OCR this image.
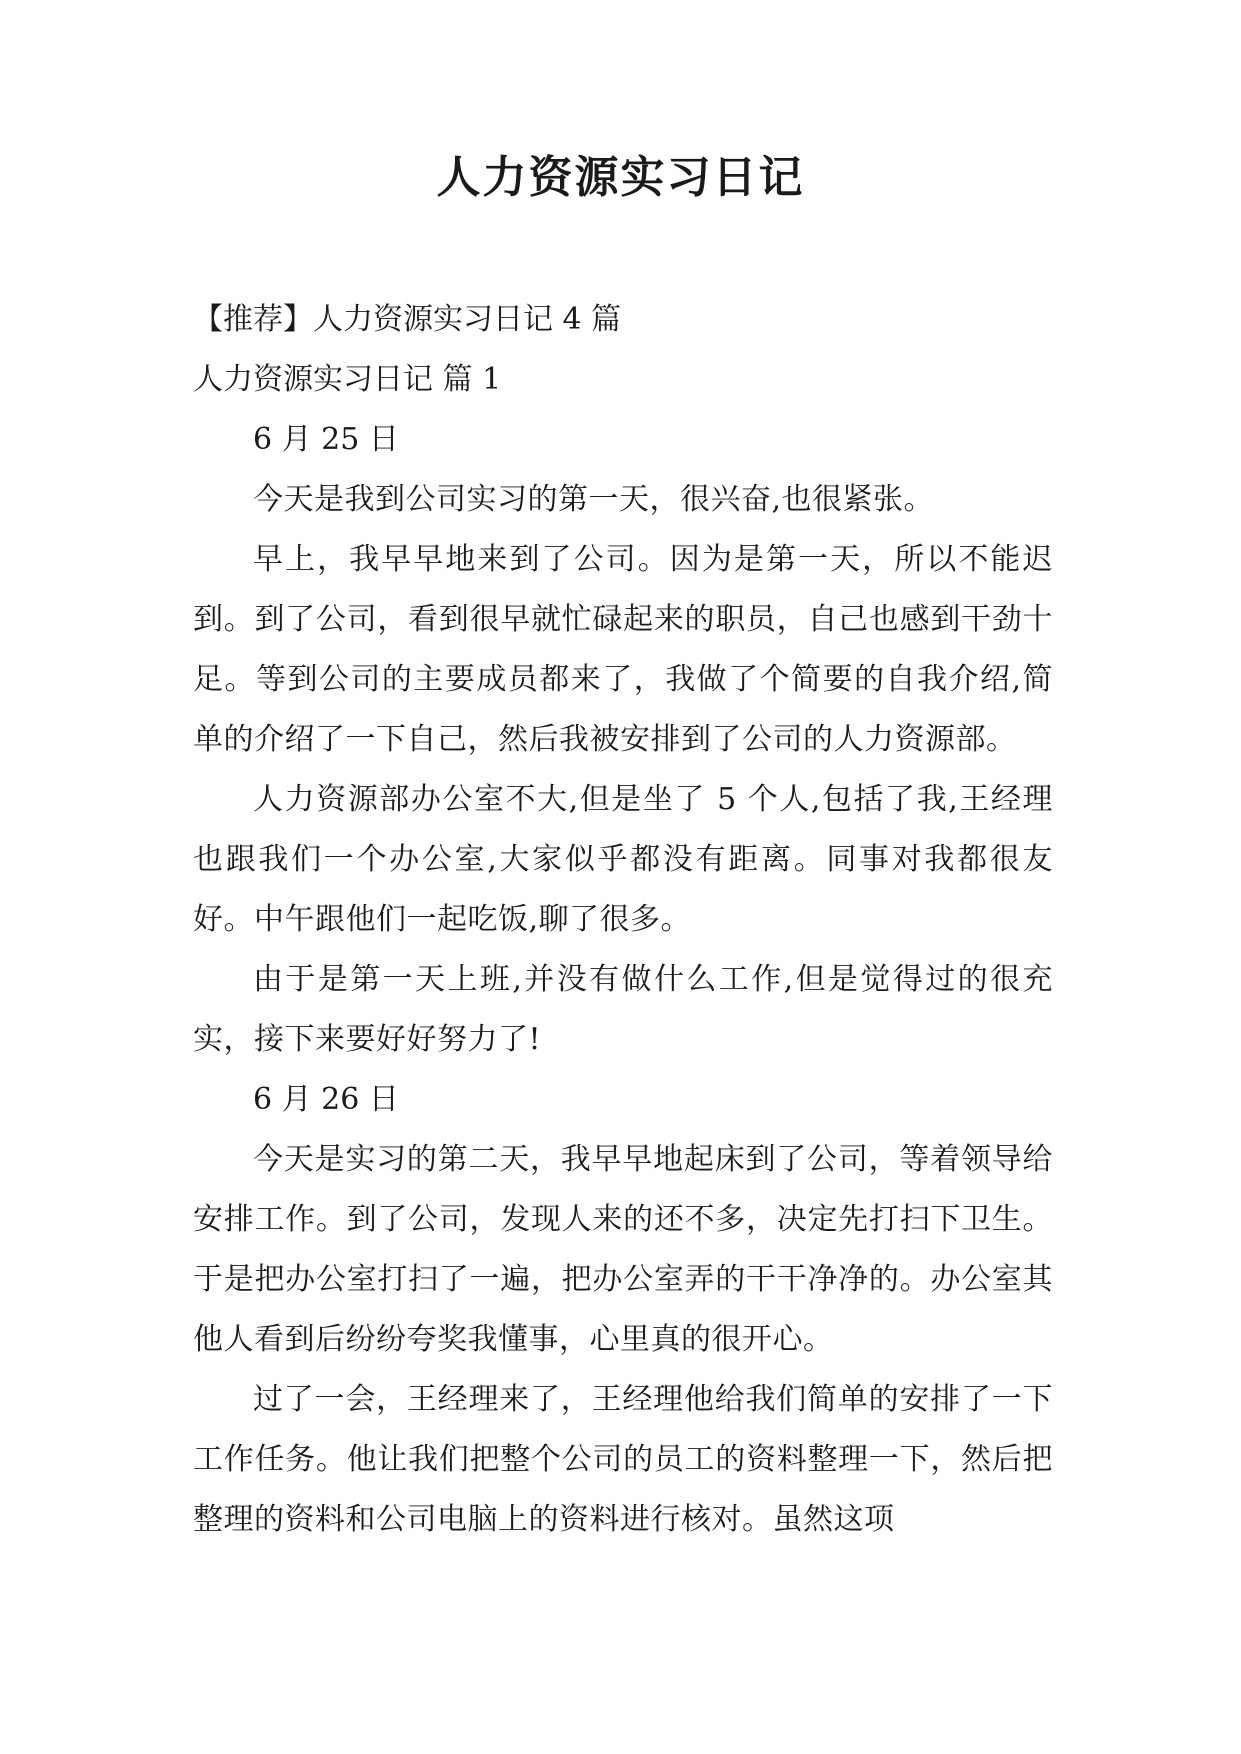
人力资源实习日记

【推荐】人力资源实习日记 4 篇

人力资源实习日记 篇 1

6 月 25 日

今天是我到公司实习的第一天，很兴奋,也很紧张。

早上，我早早地来到了公司。因为是第一天，所以不能迟到。到了公司，看到很早就忙碌起来的职员，自己也感到干劲十足。等到公司的主要成员都来了，我做了个简要的自我介绍,简单的介绍了一下自己，然后我被安排到了公司的人力资源部。

人力资源部办公室不大,但是坐了 5 个人,包括了我,王经理也跟我们一个办公室,大家似乎都没有距离。同事对我都很友好。中午跟他们一起吃饭,聊了很多。

由于是第一天上班,并没有做什么工作,但是觉得过的很充实，接下来要好好努力了!

6 月 26 日

今天是实习的第二天，我早早地起床到了公司，等着领导给安排工作。到了公司，发现人来的还不多，决定先打扫下卫生。于是把办公室打扫了一遍，把办公室弄的干干净净的。办公室其他人看到后纷纷夸奖我懂事，心里真的很开心。

过了一会，王经理来了，王经理他给我们简单的安排了一下工作任务。他让我们把整个公司的员工的资料整理一下，然后把整理的资料和公司电脑上的资料进行核对。虽然这项
